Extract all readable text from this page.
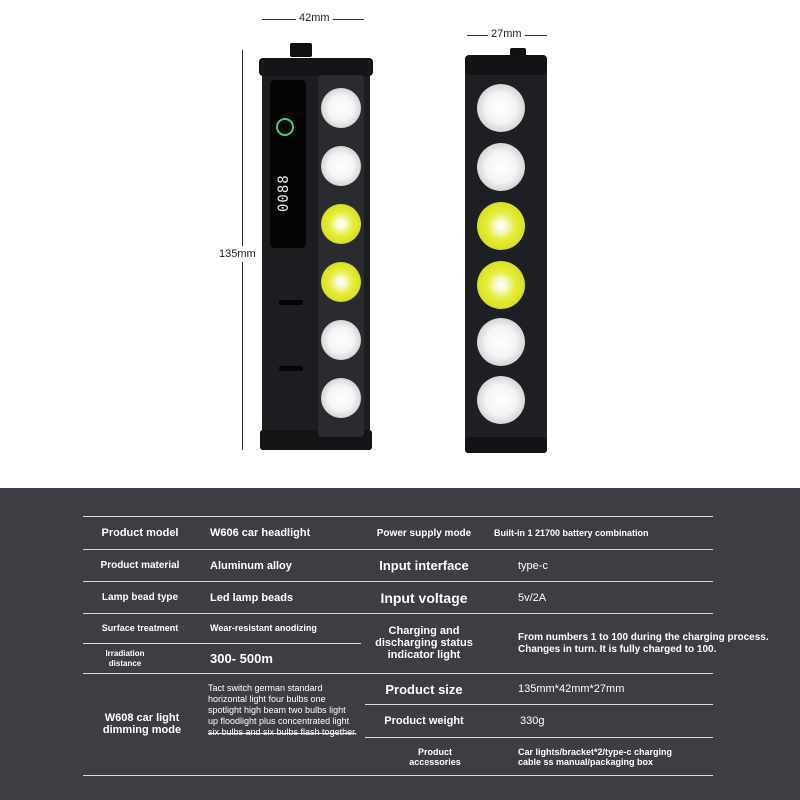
42mm
27mm
135mm
0088
Product model
Product material
Lamp bead type
Surface treatment
Irradiation distance
W608 car light dimming mode
W606 car headlight
Aluminum alloy
Led lamp beads
Wear-resistant anodizing
300- 500m
Tact switch german standard horizontal light four bulbs one spotlight high beam two bulbs light up floodlight plus concentrated light six bulbs and six bulbs flash together.
Power supply mode
Input interface
Input voltage
Charging and discharging status indicator light
Product size
Product weight
Product accessories
Built-in 1 21700 battery combination
type-c
5v/2A
From numbers 1 to 100 during the charging process. Changes in turn. It is fully charged to 100.
135mm*42mm*27mm
330g
Car lights/bracket*2/type-c charging cable ss manual/packaging box
